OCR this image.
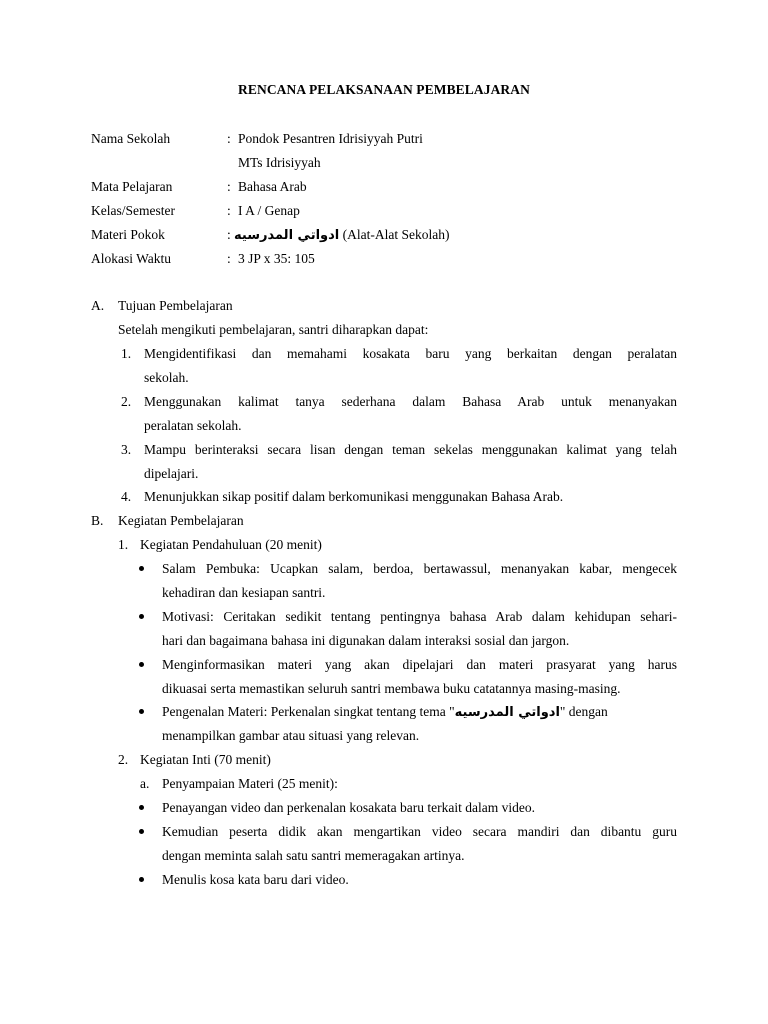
RENCANA PELAKSANAAN PEMBELAJARAN
Nama Sekolah	: Pondok Pesantren Idrisiyyah Putri
MTs Idrisiyyah
Mata Pelajaran	: Bahasa Arab
Kelas/Semester	: I A / Genap
Materi Pokok	: ادواتي المدرسيه (Alat-Alat Sekolah)
Alokasi Waktu	: 3 JP x 35: 105
A. Tujuan Pembelajaran
Setelah mengikuti pembelajaran, santri diharapkan dapat:
1. Mengidentifikasi dan memahami kosakata baru yang berkaitan dengan peralatan
sekolah.
2. Menggunakan kalimat tanya sederhana dalam Bahasa Arab untuk menanyakan
peralatan sekolah.
3. Mampu berinteraksi secara lisan dengan teman sekelas menggunakan kalimat yang telah
dipelajari.
4. Menunjukkan sikap positif dalam berkomunikasi menggunakan Bahasa Arab.
B. Kegiatan Pembelajaran
1. Kegiatan Pendahuluan (20 menit)
Salam Pembuka: Ucapkan salam, berdoa, bertawassul, menanyakan kabar, mengecek
kehadiran dan kesiapan santri.
Motivasi: Ceritakan sedikit tentang pentingnya bahasa Arab dalam kehidupan sehari-
hari dan bagaimana bahasa ini digunakan dalam interaksi sosial dan jargon.
Menginformasikan materi yang akan dipelajari dan materi prasyarat yang harus
dikuasai serta memastikan seluruh santri membawa buku catatannya masing-masing.
Pengenalan Materi: Perkenalan singkat tentang tema "ادواتي المدرسيه" dengan
menampilkan gambar atau situasi yang relevan.
2. Kegiatan Inti (70 menit)
a. Penyampaian Materi (25 menit):
Penayangan video dan perkenalan kosakata baru terkait dalam video.
Kemudian peserta didik akan mengartikan video secara mandiri dan dibantu guru
dengan meminta salah satu santri memeragakan artinya.
Menulis kosa kata baru dari video.
